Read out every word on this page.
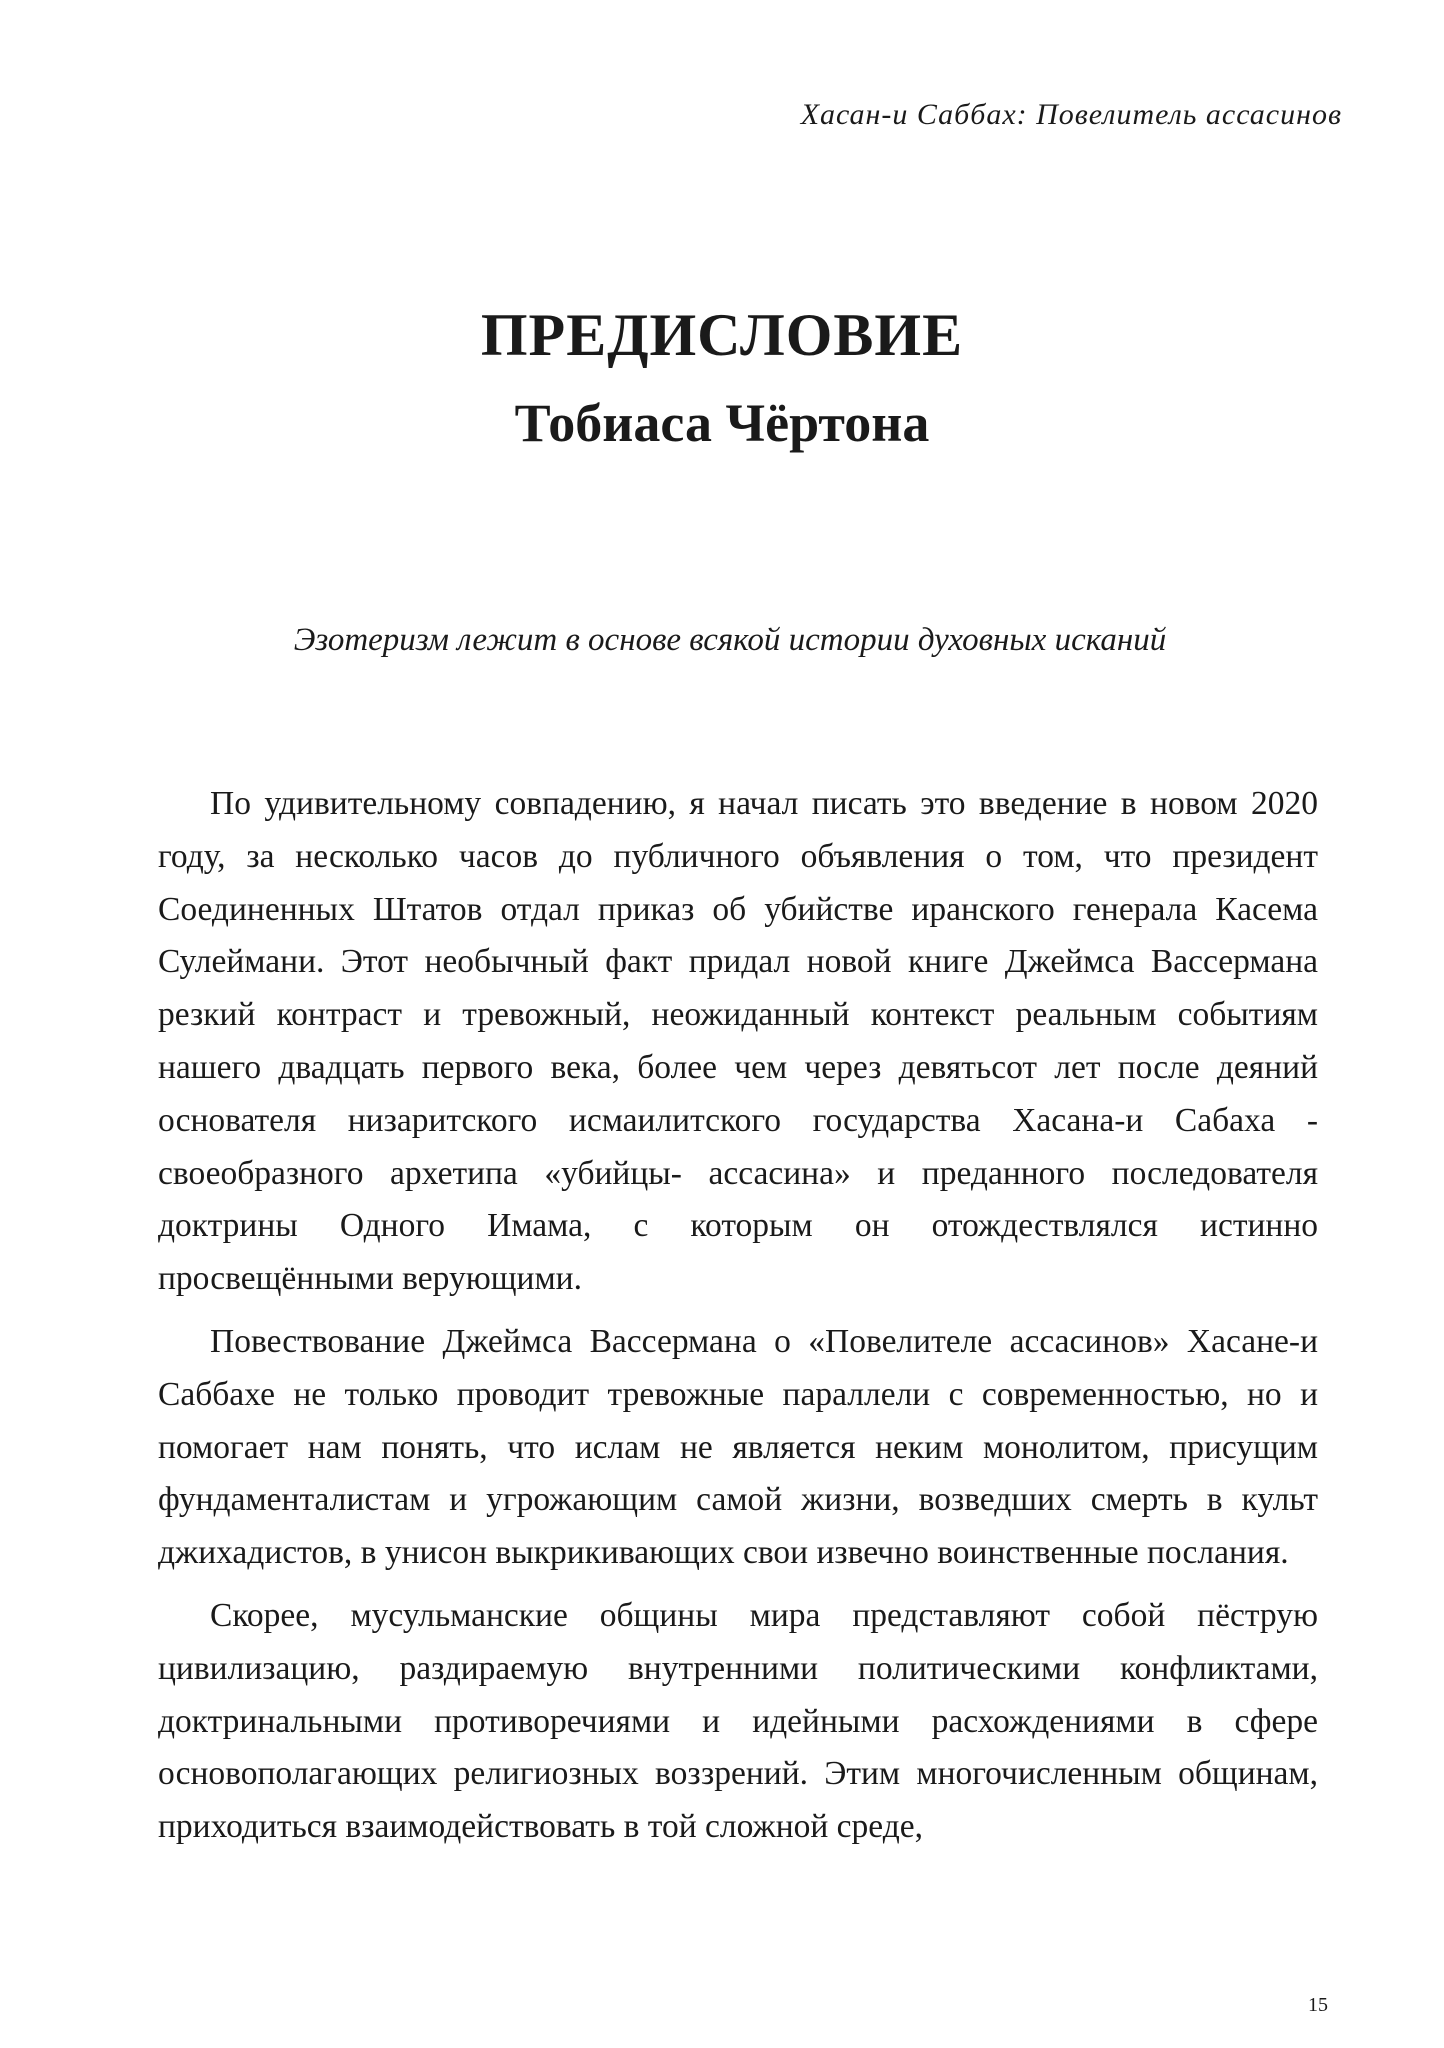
Хасан-и Саббах: Повелитель ассасинов
ПРЕДИСЛОВИЕ
Тобиаса Чёртона
Эзотеризм лежит в основе всякой истории духовных исканий

По удивительному совпадению, я начал писать это введение в новом 2020 году, за несколько часов до публичного объявления о том, что президент Соединенных Штатов отдал приказ об убийстве иранского генерала Касема Сулеймани. Этот необычный факт придал новой книге Джеймса Вассермана резкий контраст и тревожный, неожиданный контекст реальным событиям нашего двадцать первого века, более чем через девятьсот лет после деяний основателя низаритского исмаилитского государства Хасана-и Сабаха - своеобразного архетипа «убийцы- ассасина» и преданного последователя доктрины Одного Имама, с которым он отождествлялся истинно просвещёнными верующими.

Повествование Джеймса Вассермана о «Повелителе ассасинов» Хасане-и Саббахе не только проводит тревожные параллели с современностью, но и помогает нам понять, что ислам не является неким монолитом, присущим фундаменталистам и угрожающим самой жизни, возведших смерть в культ джихадистов, в унисон выкрикивающих свои извечно воинственные послания.

Скорее, мусульманские общины мира представляют собой пёструю цивилизацию, раздираемую внутренними политическими конфликтами, доктринальными противоречиями и идейными расхождениями в сфере основополагающих религиозных воззрений. Этим многочисленным общинам, приходиться взаимодействовать в той сложной среде,

15
